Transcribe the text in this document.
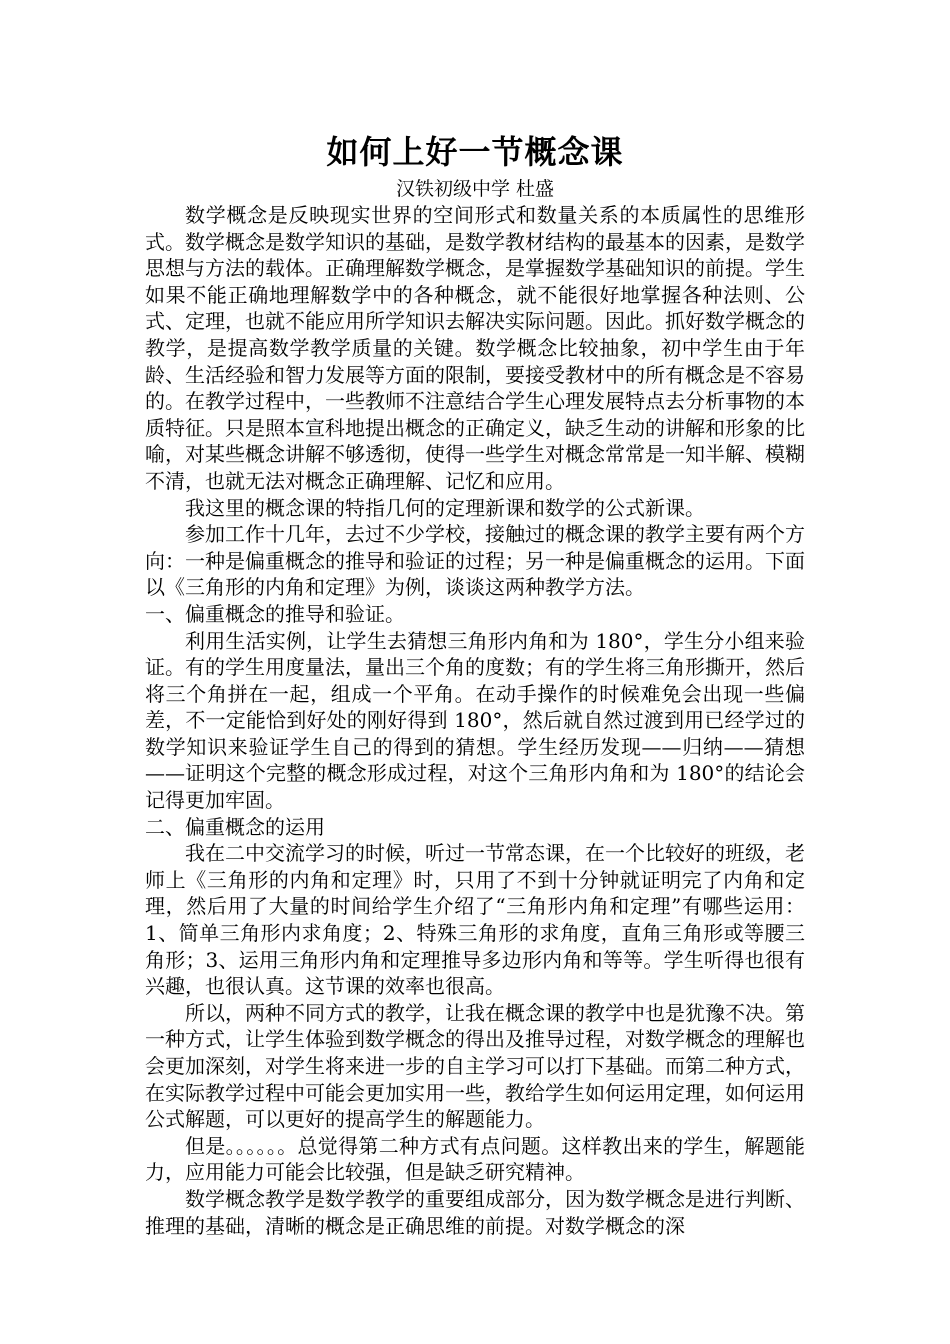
如何上好一节概念课

汉铁初级中学 杜盛

数学概念是反映现实世界的空间形式和数量关系的本质属性的思维形式。数学概念是数学知识的基础，是数学教材结构的最基本的因素，是数学思想与方法的载体。正确理解数学概念，是掌握数学基础知识的前提。学生如果不能正确地理解数学中的各种概念，就不能很好地掌握各种法则、公式、定理，也就不能应用所学知识去解决实际问题。因此。抓好数学概念的教学，是提高数学教学质量的关键。数学概念比较抽象，初中学生由于年龄、生活经验和智力发展等方面的限制，要接受教材中的所有概念是不容易的。在教学过程中，一些教师不注意结合学生心理发展特点去分析事物的本质特征。只是照本宣科地提出概念的正确定义，缺乏生动的讲解和形象的比喻，对某些概念讲解不够透彻，使得一些学生对概念常常是一知半解、模糊不清，也就无法对概念正确理解、记忆和应用。

我这里的概念课的特指几何的定理新课和数学的公式新课。

参加工作十几年，去过不少学校，接触过的概念课的教学主要有两个方向：一种是偏重概念的推导和验证的过程；另一种是偏重概念的运用。下面以《三角形的内角和定理》为例，谈谈这两种教学方法。

一、偏重概念的推导和验证。

利用生活实例，让学生去猜想三角形内角和为 180°，学生分小组来验证。有的学生用度量法，量出三个角的度数；有的学生将三角形撕开，然后将三个角拼在一起，组成一个平角。在动手操作的时候难免会出现一些偏差，不一定能恰到好处的刚好得到 180°，然后就自然过渡到用已经学过的数学知识来验证学生自己的得到的猜想。学生经历发现——归纳——猜想——证明这个完整的概念形成过程，对这个三角形内角和为 180°的结论会记得更加牢固。

二、偏重概念的运用

我在二中交流学习的时候，听过一节常态课，在一个比较好的班级，老师上《三角形的内角和定理》时，只用了不到十分钟就证明完了内角和定理，然后用了大量的时间给学生介绍了“三角形内角和定理”有哪些运用：1、简单三角形内求角度；2、特殊三角形的求角度，直角三角形或等腰三角形；3、运用三角形内角和定理推导多边形内角和等等。学生听得也很有兴趣，也很认真。这节课的效率也很高。

所以，两种不同方式的教学，让我在概念课的教学中也是犹豫不决。第一种方式，让学生体验到数学概念的得出及推导过程，对数学概念的理解也会更加深刻，对学生将来进一步的自主学习可以打下基础。而第二种方式，在实际教学过程中可能会更加实用一些，教给学生如何运用定理，如何运用公式解题，可以更好的提高学生的解题能力。

但是。。。。。。总觉得第二种方式有点问题。这样教出来的学生，解题能力，应用能力可能会比较强，但是缺乏研究精神。

数学概念教学是数学教学的重要组成部分，因为数学概念是进行判断、推理的基础，清晰的概念是正确思维的前提。对数学概念的深
